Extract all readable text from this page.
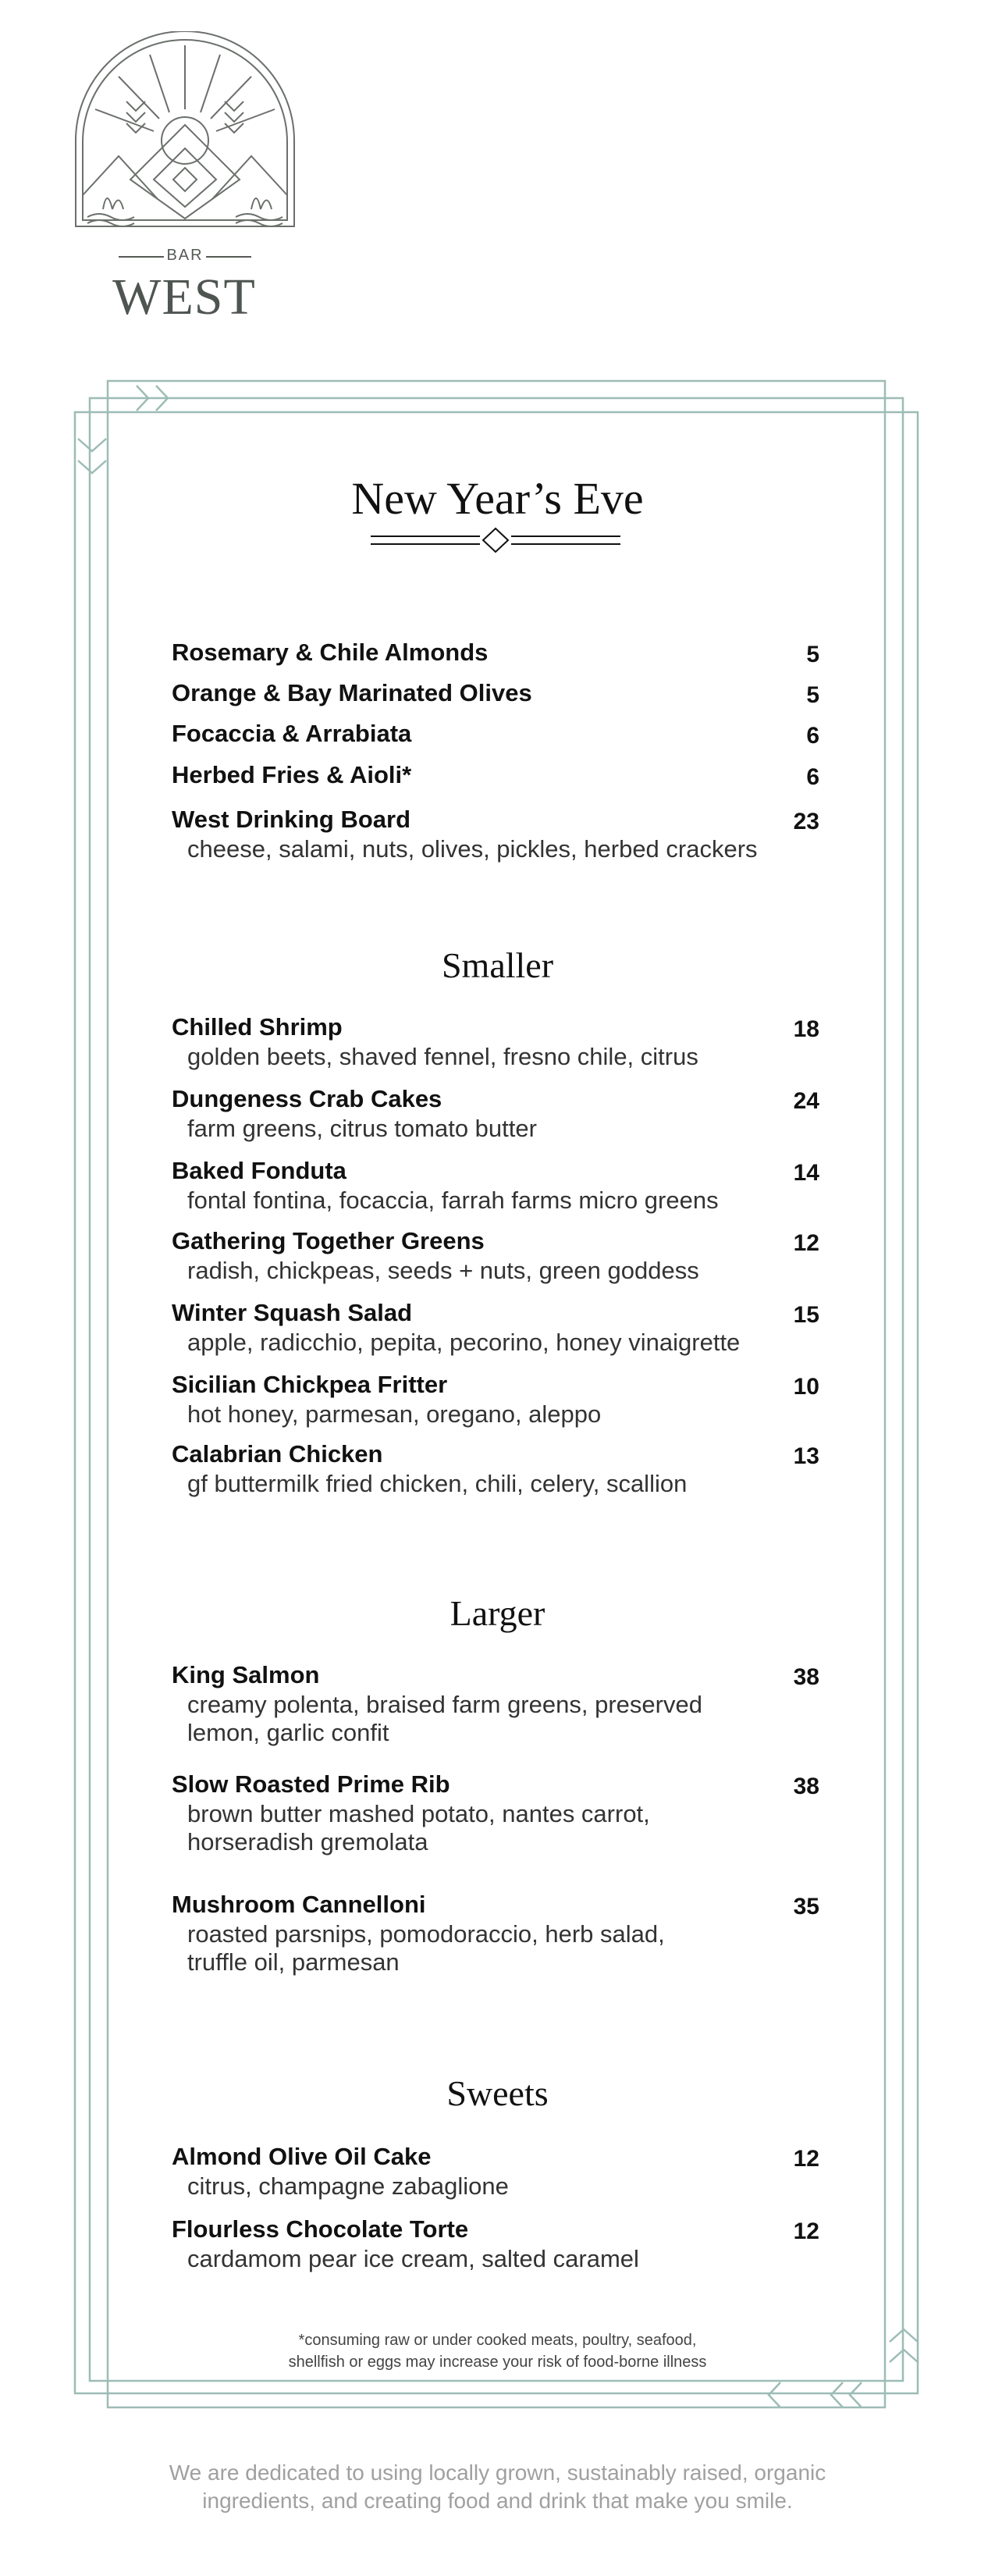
BAR
WEST
New Year’s Eve
Rosemary & Chile Almonds	5
Orange & Bay Marinated Olives	5
Focaccia & Arrabiata	6
Herbed Fries & Aioli*	6
West Drinking Board	23
cheese, salami, nuts, olives, pickles, herbed crackers
Smaller
Chilled Shrimp	18
golden beets, shaved fennel, fresno chile, citrus
Dungeness Crab Cakes	24
farm greens, citrus tomato butter
Baked Fonduta	14
fontal fontina, focaccia, farrah farms micro greens
Gathering Together Greens	12
radish, chickpeas, seeds + nuts, green goddess
Winter Squash Salad	15
apple, radicchio, pepita, pecorino, honey vinaigrette
Sicilian Chickpea Fritter	10
hot honey, parmesan, oregano, aleppo
Calabrian Chicken	13
gf buttermilk fried chicken, chili, celery, scallion
Larger
King Salmon	38
creamy polenta, braised farm greens, preserved
lemon, garlic confit
Slow Roasted Prime Rib	38
brown butter mashed potato, nantes carrot,
horseradish gremolata
Mushroom Cannelloni	35
roasted parsnips, pomodoraccio, herb salad,
truffle oil, parmesan
Sweets
Almond Olive Oil Cake	12
citrus, champagne zabaglione
Flourless Chocolate Torte	12
cardamom pear ice cream, salted caramel
*consuming raw or under cooked meats, poultry, seafood,
shellfish or eggs may increase your risk of food-borne illness
We are dedicated to using locally grown, sustainably raised, organic
ingredients, and creating food and drink that make you smile.
